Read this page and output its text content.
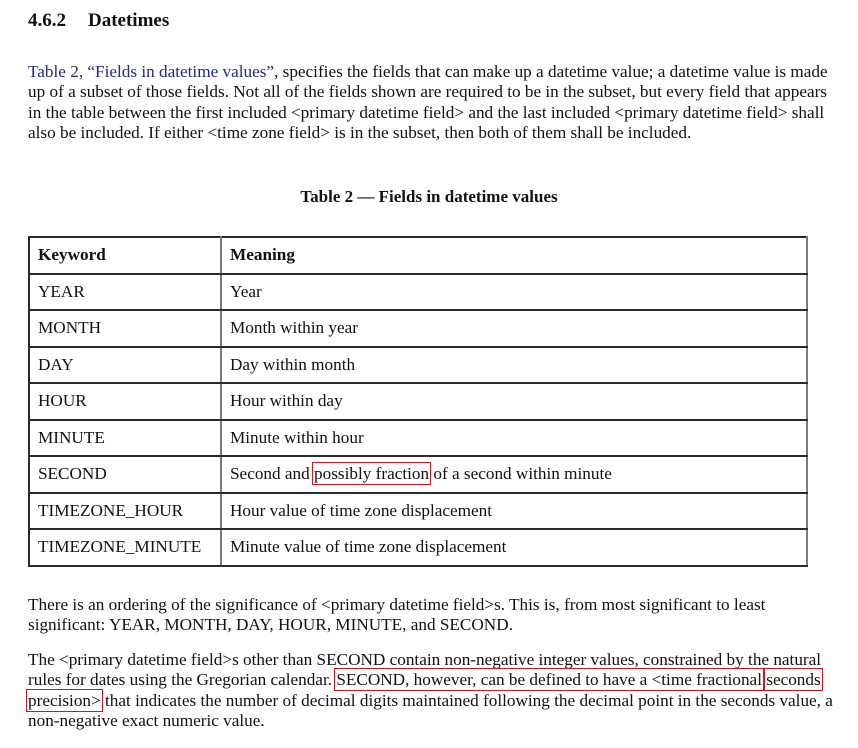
4.6.2 Datetimes

Table 2, “Fields in datetime values”, specifies the fields that can make up a datetime value; a datetime value is made up of a subset of those fields. Not all of the fields shown are required to be in the subset, but every field that appears in the table between the first included <primary datetime field> and the last included <primary datetime field> shall also be included. If either <time zone field> is in the subset, then both of them shall be included.

Table 2 — Fields in datetime values

Keyword	Meaning
YEAR	Year
MONTH	Month within year
DAY	Day within month
HOUR	Hour within day
MINUTE	Minute within hour
SECOND	Second and possibly fraction of a second within minute
TIMEZONE_HOUR	Hour value of time zone displacement
TIMEZONE_MINUTE	Minute value of time zone displacement

There is an ordering of the significance of <primary datetime field>s. This is, from most significant to least significant: YEAR, MONTH, DAY, HOUR, MINUTE, and SECOND.

The <primary datetime field>s other than SECOND contain non-negative integer values, constrained by the natural rules for dates using the Gregorian calendar. SECOND, however, can be defined to have a <time fractional seconds precision> that indicates the number of decimal digits maintained following the decimal point in the seconds value, a non-negative exact numeric value.
